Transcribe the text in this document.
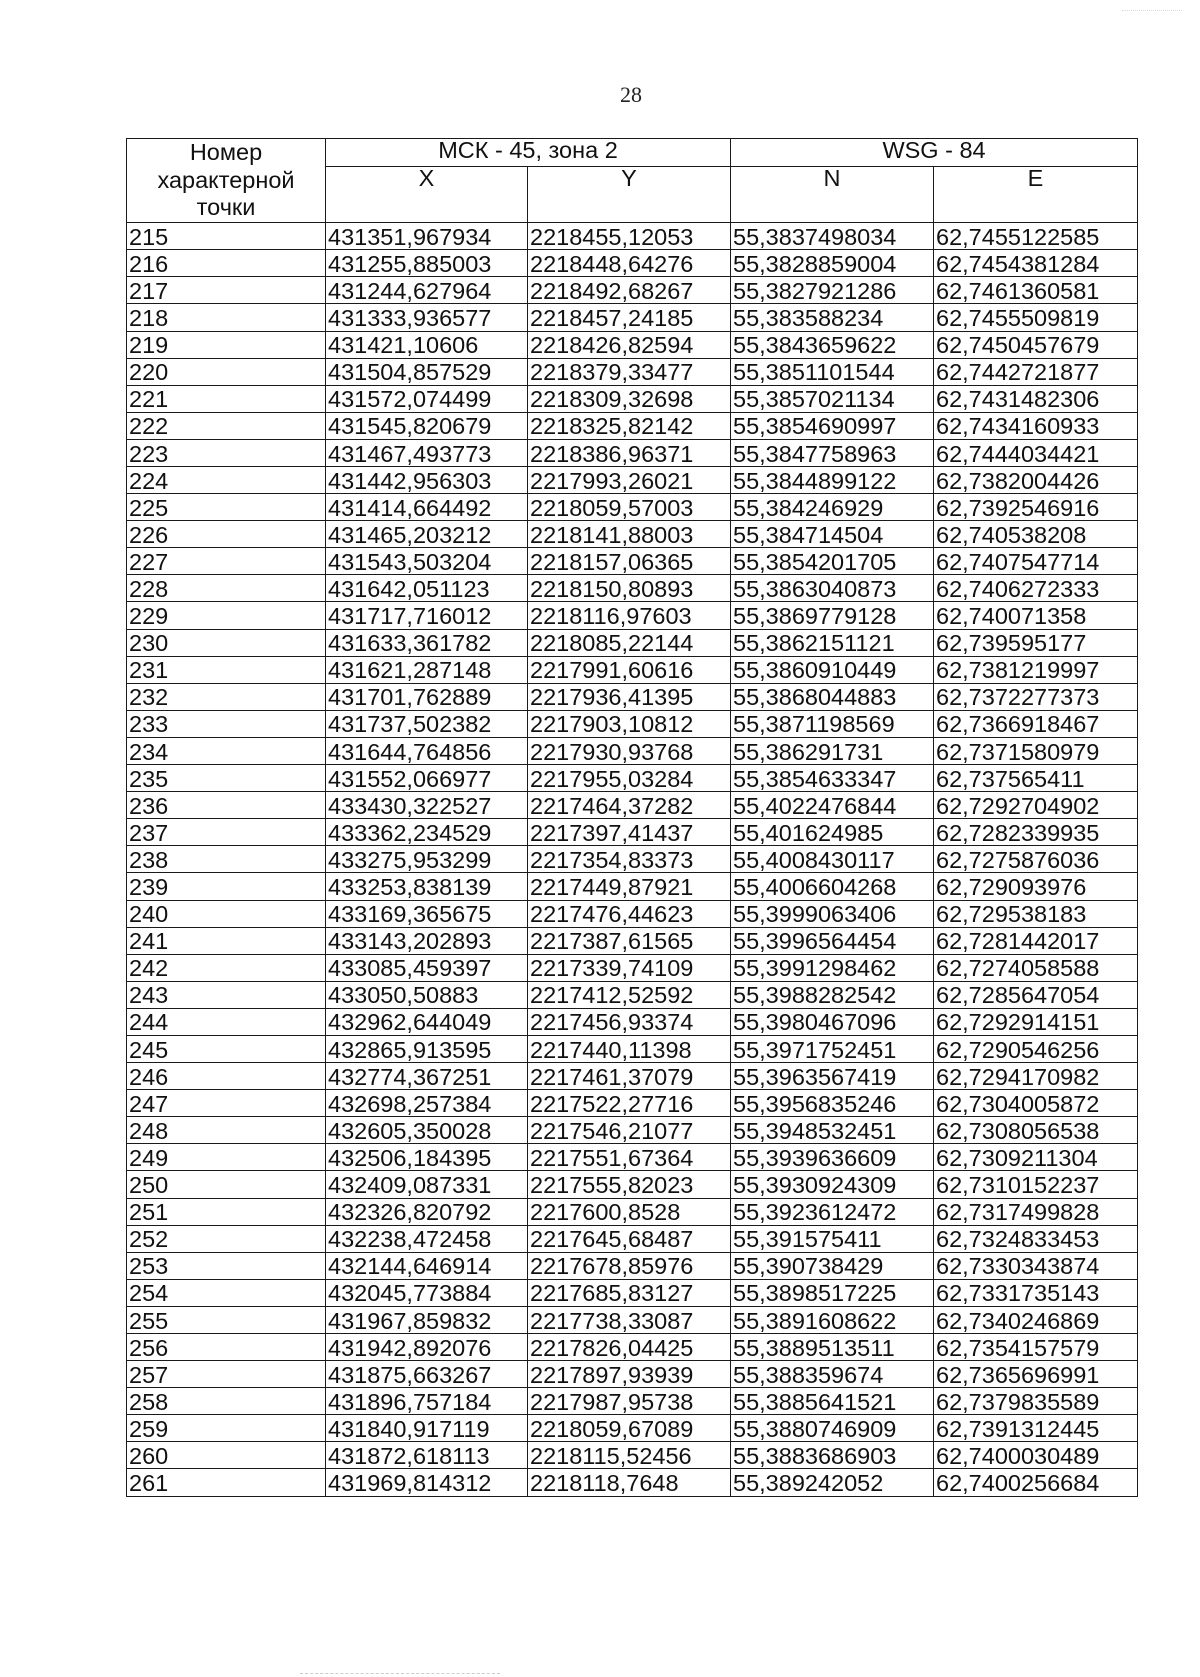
28
Номер характерной точки	МСК - 45, зона 2		WSG - 84	
	X	Y	N	E
215	431351,967934	2218455,12053	55,3837498034	62,7455122585
216	431255,885003	2218448,64276	55,3828859004	62,7454381284
217	431244,627964	2218492,68267	55,3827921286	62,7461360581
218	431333,936577	2218457,24185	55,383588234	62,7455509819
219	431421,10606	2218426,82594	55,3843659622	62,7450457679
220	431504,857529	2218379,33477	55,3851101544	62,7442721877
221	431572,074499	2218309,32698	55,3857021134	62,7431482306
222	431545,820679	2218325,82142	55,3854690997	62,7434160933
223	431467,493773	2218386,96371	55,3847758963	62,7444034421
224	431442,956303	2217993,26021	55,3844899122	62,7382004426
225	431414,664492	2218059,57003	55,384246929	62,7392546916
226	431465,203212	2218141,88003	55,384714504	62,740538208
227	431543,503204	2218157,06365	55,3854201705	62,7407547714
228	431642,051123	2218150,80893	55,3863040873	62,7406272333
229	431717,716012	2218116,97603	55,3869779128	62,740071358
230	431633,361782	2218085,22144	55,3862151121	62,739595177
231	431621,287148	2217991,60616	55,3860910449	62,7381219997
232	431701,762889	2217936,41395	55,3868044883	62,7372277373
233	431737,502382	2217903,10812	55,3871198569	62,7366918467
234	431644,764856	2217930,93768	55,386291731	62,7371580979
235	431552,066977	2217955,03284	55,3854633347	62,737565411
236	433430,322527	2217464,37282	55,4022476844	62,7292704902
237	433362,234529	2217397,41437	55,401624985	62,7282339935
238	433275,953299	2217354,83373	55,4008430117	62,7275876036
239	433253,838139	2217449,87921	55,4006604268	62,729093976
240	433169,365675	2217476,44623	55,3999063406	62,729538183
241	433143,202893	2217387,61565	55,3996564454	62,7281442017
242	433085,459397	2217339,74109	55,3991298462	62,7274058588
243	433050,50883	2217412,52592	55,3988282542	62,7285647054
244	432962,644049	2217456,93374	55,3980467096	62,7292914151
245	432865,913595	2217440,11398	55,3971752451	62,7290546256
246	432774,367251	2217461,37079	55,3963567419	62,7294170982
247	432698,257384	2217522,27716	55,3956835246	62,7304005872
248	432605,350028	2217546,21077	55,3948532451	62,7308056538
249	432506,184395	2217551,67364	55,3939636609	62,7309211304
250	432409,087331	2217555,82023	55,3930924309	62,7310152237
251	432326,820792	2217600,8528	55,3923612472	62,7317499828
252	432238,472458	2217645,68487	55,391575411	62,7324833453
253	432144,646914	2217678,85976	55,390738429	62,7330343874
254	432045,773884	2217685,83127	55,3898517225	62,7331735143
255	431967,859832	2217738,33087	55,3891608622	62,7340246869
256	431942,892076	2217826,04425	55,3889513511	62,7354157579
257	431875,663267	2217897,93939	55,388359674	62,7365696991
258	431896,757184	2217987,95738	55,3885641521	62,7379835589
259	431840,917119	2218059,67089	55,3880746909	62,7391312445
260	431872,618113	2218115,52456	55,3883686903	62,7400030489
261	431969,814312	2218118,7648	55,389242052	62,7400256684
